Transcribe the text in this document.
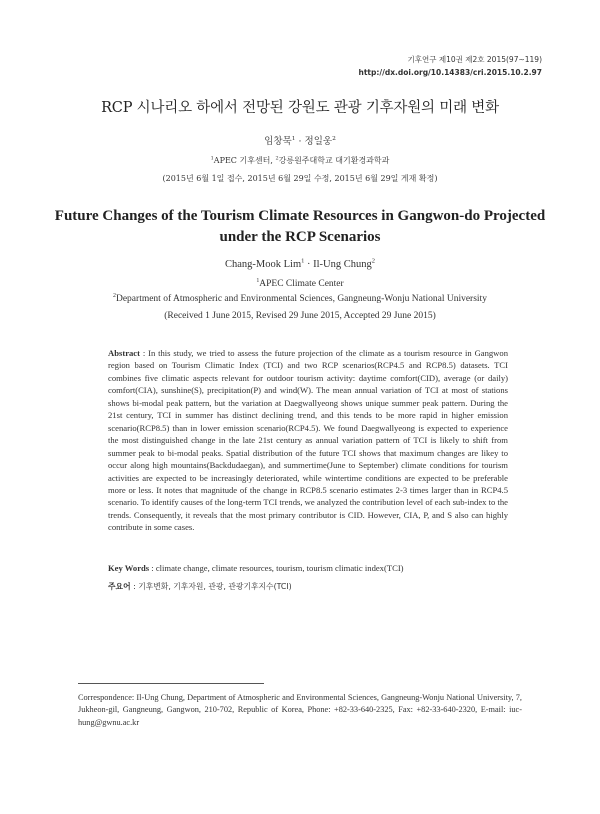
기후연구 제10권 제2호 2015(97∼119)
http://dx.doi.org/10.14383/cri.2015.10.2.97
RCP 시나리오 하에서 전망된 강원도 관광 기후자원의 미래 변화
임창묵$^1$ · 정일웅$^2$
$^1$APEC 기후센터, $^2$강릉원주대학교 대기환경과학과
(2015년 6월 1일 접수, 2015년 6월 29일 수정, 2015년 6월 29일 게재 확정)
Future Changes of the Tourism Climate Resources in Gangwon-do Projected under the RCP Scenarios
Chang-Mook Lim$^1$ · Il-Ung Chung$^2$
$^1$APEC Climate Center
$^2$Department of Atmospheric and Environmental Sciences, Gangneung-Wonju National University
(Received 1 June 2015, Revised 29 June 2015, Accepted 29 June 2015)
Abstract : In this study, we tried to assess the future projection of the climate as a tourism resource in Gangwon region based on Tourism Climatic Index (TCI) and two RCP scenarios(RCP4.5 and RCP8.5) datasets. TCI combines five climatic aspects relevant for outdoor tourism activity: daytime comfort(CID), average (or daily) comfort(CIA), sunshine(S), precipitation(P) and wind(W). The mean annual variation of TCI at most of stations shows bi-modal peak pattern, but the variation at Daegwallyeong shows unique summer peak pattern. During the 21st century, TCI in summer has distinct declining trend, and this tends to be more rapid in higher emission scenario(RCP8.5) than in lower emission scenario(RCP4.5). We found Daegwallyeong is expected to experience the most distinguished change in the late 21st century as annual variation pattern of TCI is likely to shift from summer peak to bi-modal peaks. Spatial distribution of the future TCI shows that maximum changes are likey to occur along high mountains(Backdudaegan), and summertime(June to September) climate conditions for tourism activities are expected to be increasingly deteriorated, while wintertime conditions are expected to be preferable more or less. It notes that magnitude of the change in RCP8.5 scenario estimates 2-3 times larger than in RCP4.5 scenario. To identify causes of the long-term TCI trends, we analyzed the contribution level of each sub-index to the trends. Consequently, it reveals that the most primary contributor is CID. However, CIA, P, and S also can highly contribute in some cases.
Key Words : climate change, climate resources, tourism, tourism climatic index(TCI)
주요어 : 기후변화, 기후자원, 관광, 관광기후지수(TCI)
Correspondence: Il-Ung Chung, Department of Atmospheric and Environmental Sciences, Gangneung-Wonju National University, 7, Jukheon-gil, Gangneung, Gangwon, 210-702, Republic of Korea, Phone: +82-33-640-2325, Fax: +82-33-640-2320, E-mail: iuc-hung@gwnu.ac.kr
